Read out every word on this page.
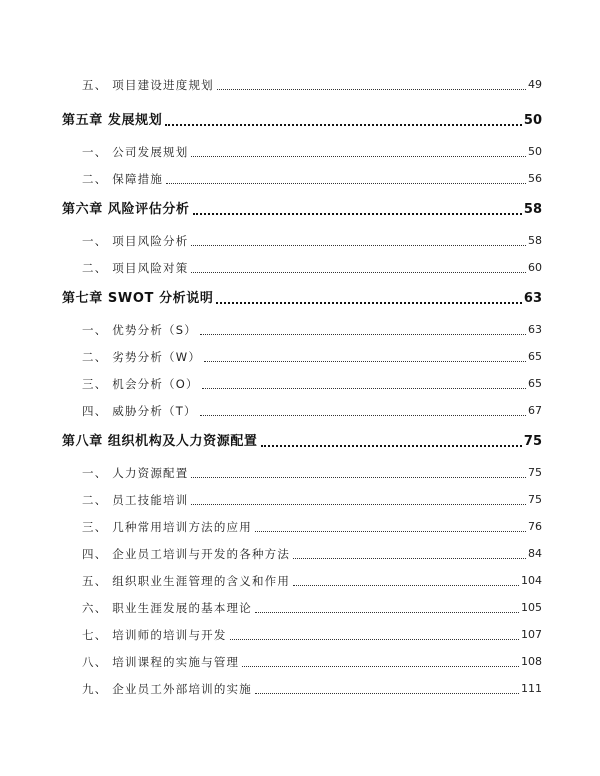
五、 项目建设进度规划	49
第五章 发展规划	50
一、 公司发展规划	50
二、 保障措施	56
第六章 风险评估分析	58
一、 项目风险分析	58
二、 项目风险对策	60
第七章 SWOT 分析说明	63
一、 优势分析（S）	63
二、 劣势分析（W）	65
三、 机会分析（O）	65
四、 威胁分析（T）	67
第八章 组织机构及人力资源配置	75
一、 人力资源配置	75
二、 员工技能培训	75
三、 几种常用培训方法的应用	76
四、 企业员工培训与开发的各种方法	84
五、 组织职业生涯管理的含义和作用	104
六、 职业生涯发展的基本理论	105
七、 培训师的培训与开发	107
八、 培训课程的实施与管理	108
九、 企业员工外部培训的实施	111
